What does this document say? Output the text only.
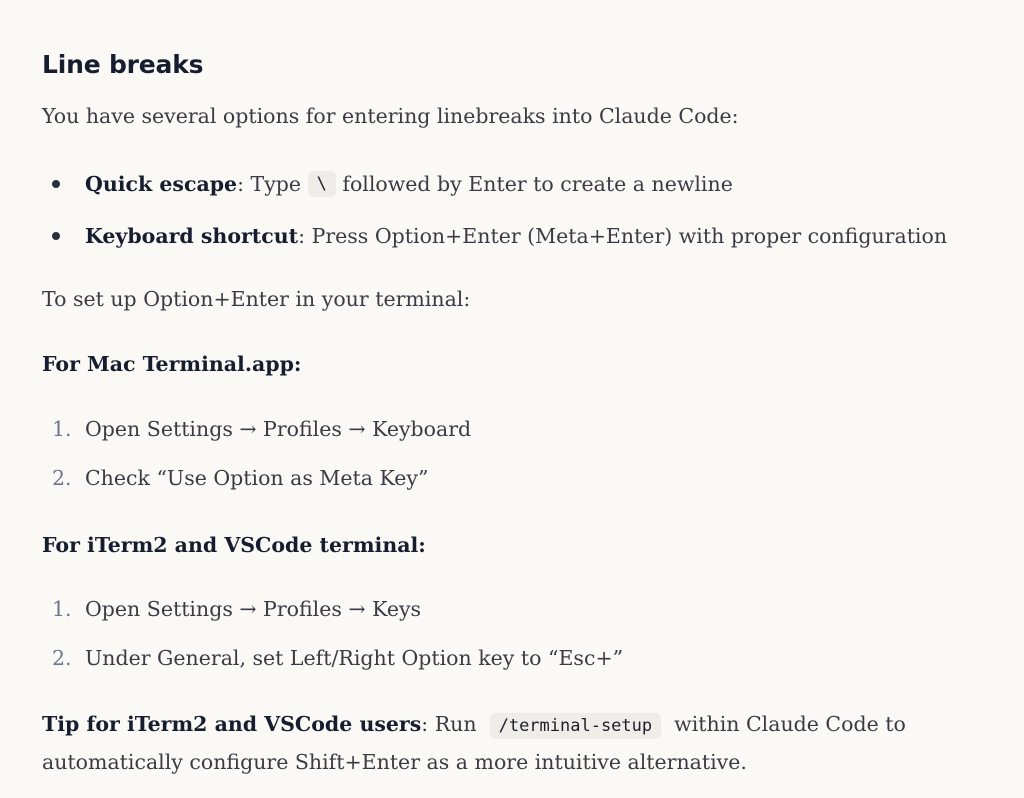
Line breaks

You have several options for entering linebreaks into Claude Code:

Quick escape : Type
\
followed by Enter to create a newline
Keyboard shortcut : Press Option+Enter (Meta+Enter) with proper configuration

To set up Option+Enter in your terminal:

For Mac Terminal.app:

1. Open Settings → Profiles → Keyboard
2. Check “Use Option as Meta Key”

For iTerm2 and VSCode terminal:

1. Open Settings → Profiles → Keys
2. Under General, set Left/Right Option key to “Esc+”

Tip for iTerm2 and VSCode users: Run  /terminal-setup  within Claude Code to automatically configure Shift+Enter as a more intuitive alternative.
